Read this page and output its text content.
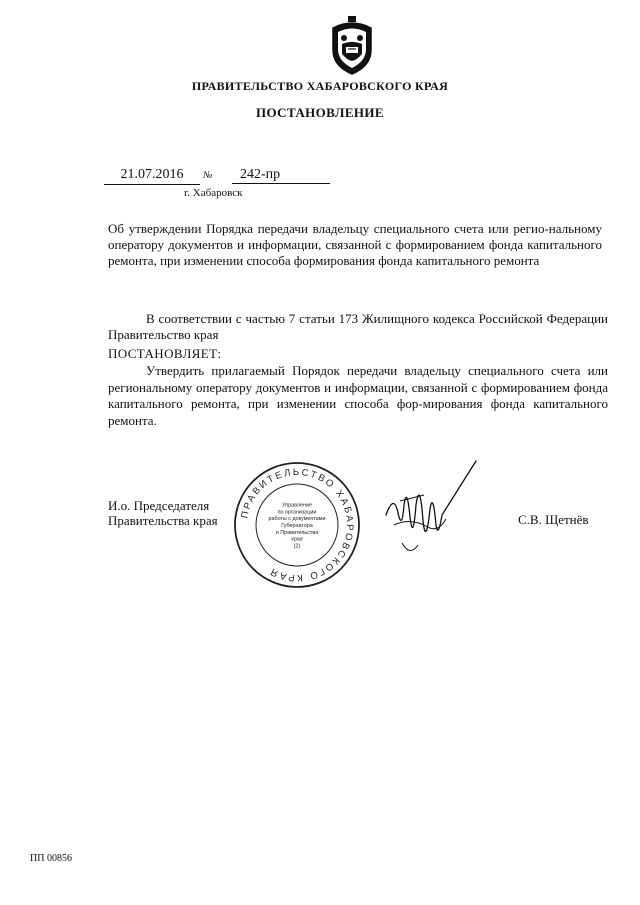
ПРАВИТЕЛЬСТВО ХАБАРОВСКОГО КРАЯ
ПОСТАНОВЛЕНИЕ
21.07.2016	№	242-пр
г. Хабаровск
Об утверждении Порядка передачи владельцу специального счета или регио-нальному оператору документов и информации, связанной с формированием фонда капитального ремонта, при изменении способа формирования фонда капитального ремонта
В соответствии с частью 7 статьи 173 Жилищного кодекса Российской Федерации Правительство края
ПОСТАНОВЛЯЕТ:
Утвердить прилагаемый Порядок передачи владельцу специального счета или региональному оператору документов и информации, связанной с формированием фонда капитального ремонта, при изменении способа фор-мирования фонда капитального ремонта.
И.о. Председателя
Правительства края ПРАВИТЕЛЬСТВО ХАБАРОВСКОГО КРАЯ
Управление
по организации
работы с документами
Губернатора
и Правительства
края
(2)
С.В. Щетнёв
ПП 00856
